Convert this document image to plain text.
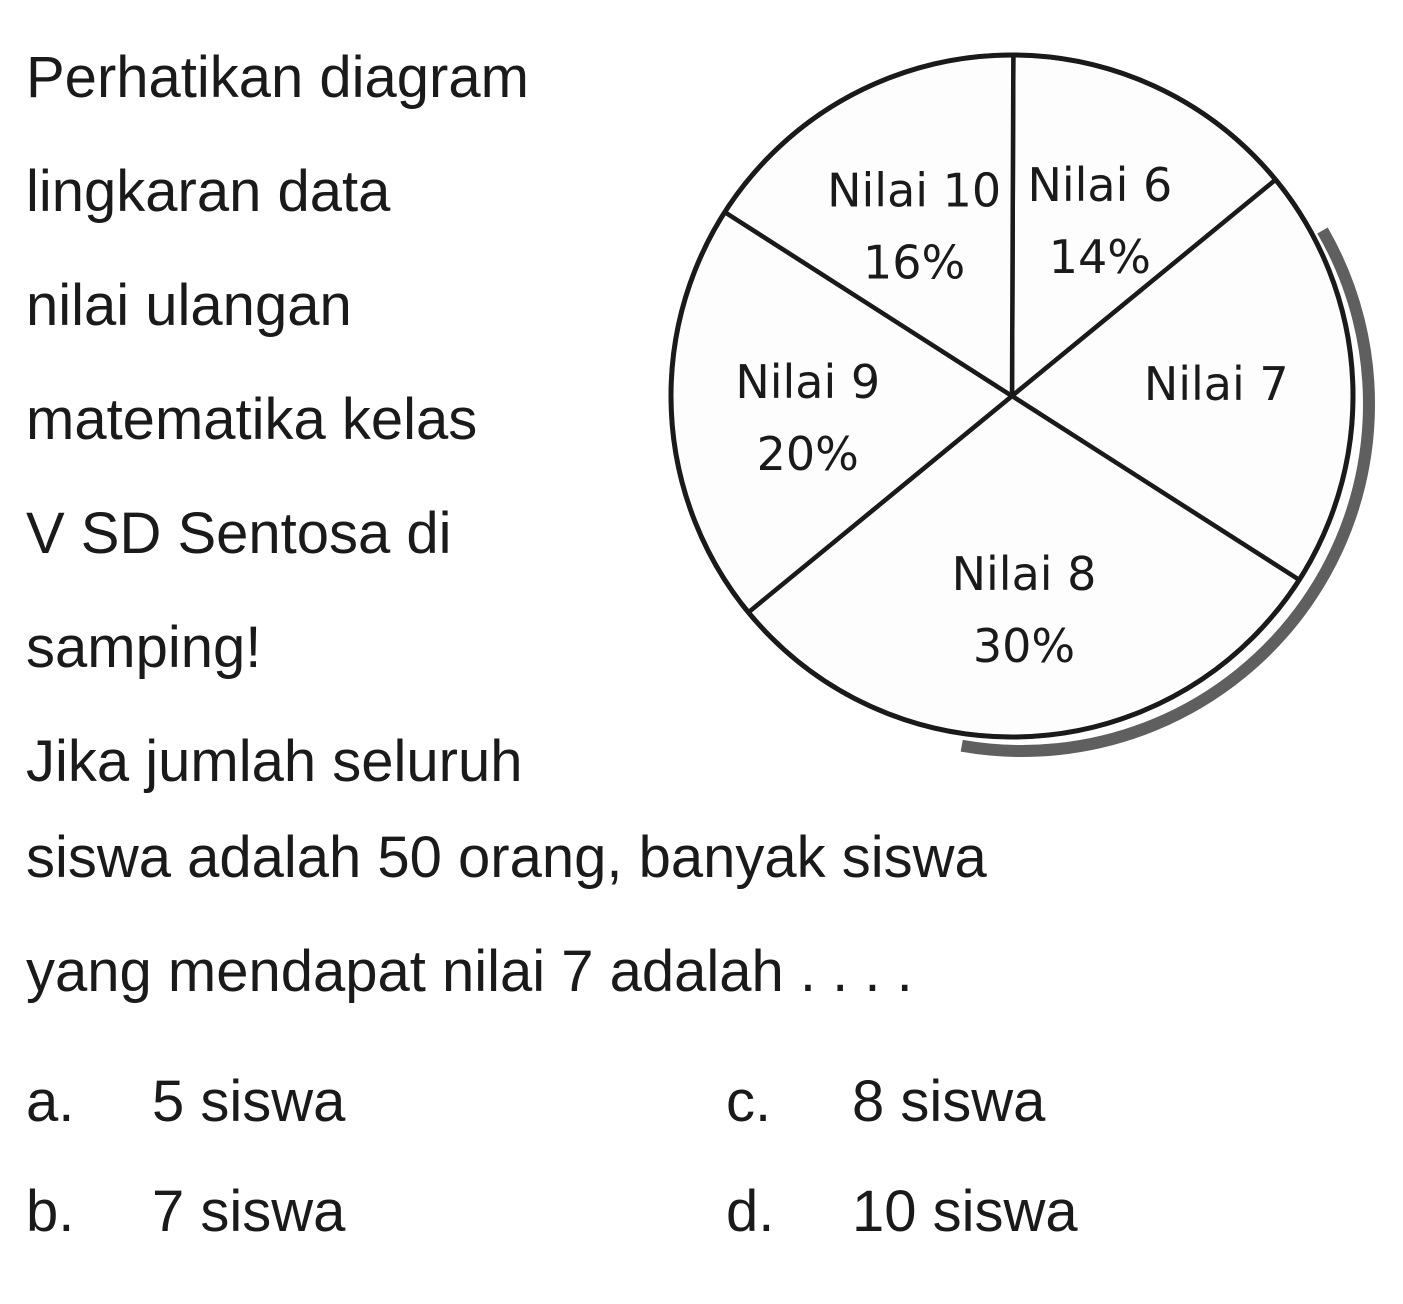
Perhatikan diagram
lingkaran data
nilai ulangan
matematika kelas
V SD Sentosa di
samping!
Jika jumlah seluruh
siswa adalah 50 orang, banyak siswa
yang mendapat nilai 7 adalah . . . .
a. 5 siswa
b. 7 siswa
c. 8 siswa
d. 10 siswa
Nilai 6
14%
Nilai 7
Nilai 8
30%
Nilai 9
20%
Nilai 10
16%
